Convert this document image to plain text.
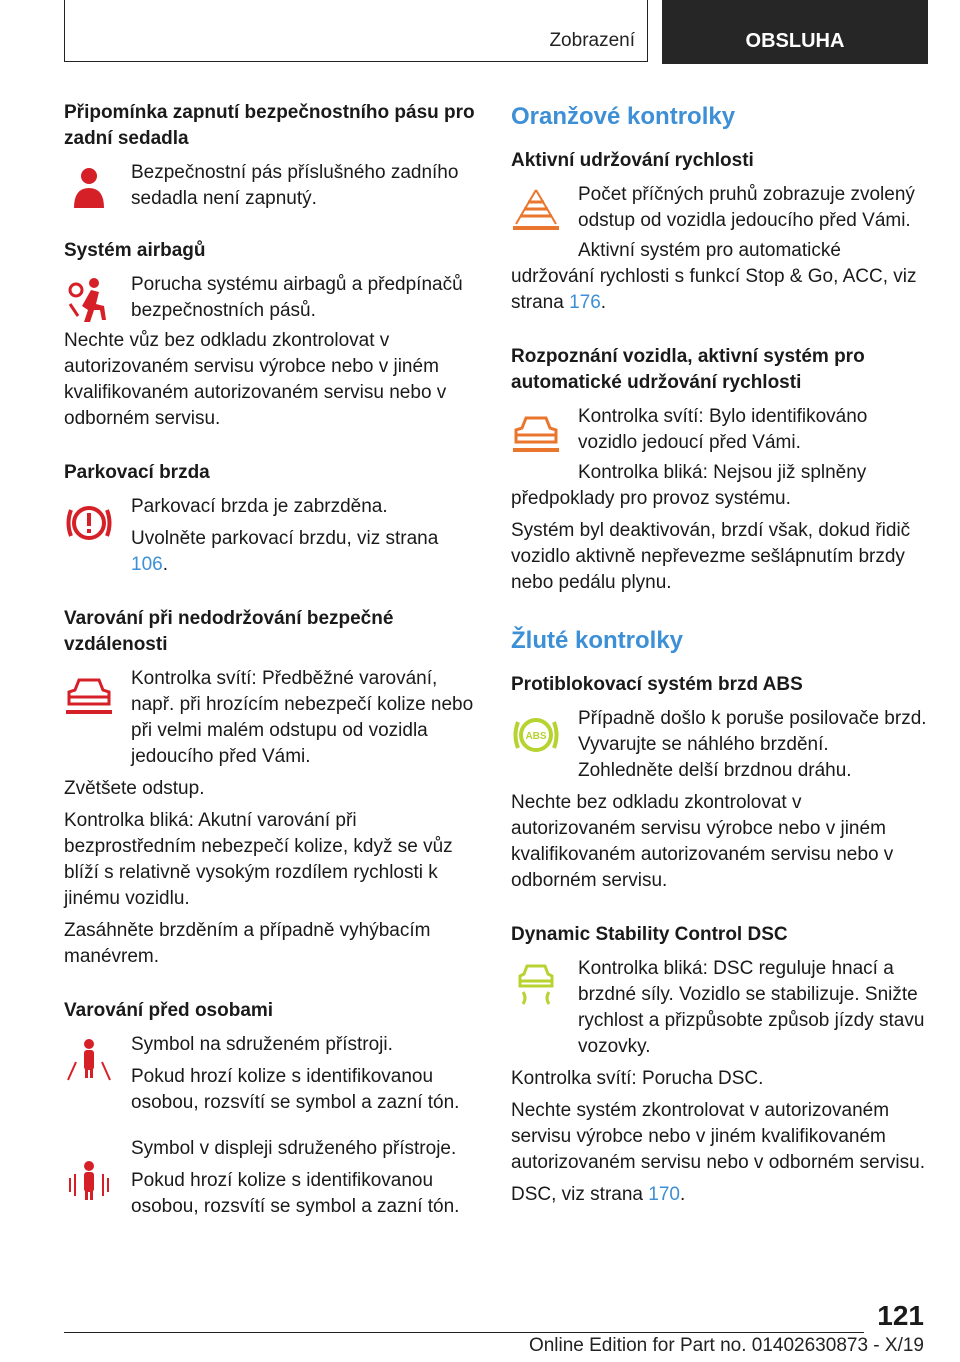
Zobrazení	OBSLUHA
Připomínka zapnutí bezpečnostního pásu pro zadní sedadla

Bezpečnostní pás příslušného zadního sedadla není zapnutý.

Systém airbagů

Porucha systému airbagů a předpínačů bezpečnostních pásů.

Nechte vůz bez odkladu zkontrolovat v autorizovaném servisu výrobce nebo v jiném kvalifikovaném autorizovaném servisu nebo v odborném servisu.

Parkovací brzda

Parkovací brzda je zabrzděna.

Uvolněte parkovací brzdu, viz strana 106.

Varování při nedodržování bezpečné vzdálenosti

Kontrolka svítí: Předběžné varování, např. při hrozícím nebezpečí kolize nebo při velmi malém odstupu od vozidla jedoucího před Vámi.

Zvětšete odstup.

Kontrolka bliká: Akutní varování při bezprostředním nebezpečí kolize, když se vůz blíží s relativně vysokým rozdílem rychlosti k jinému vozidlu.

Zasáhněte brzděním a případně vyhýbacím manévrem.

Varování před osobami

Symbol na sdruženém přístroji.

Pokud hrozí kolize s identifikovanou osobou, rozsvítí se symbol a zazní tón.

Symbol v displeji sdruženého přístroje.

Pokud hrozí kolize s identifikovanou osobou, rozsvítí se symbol a zazní tón.

Oranžové kontrolky
Aktivní udržování rychlosti

Počet příčných pruhů zobrazuje zvolený odstup od vozidla jedoucího před Vámi.

Aktivní systém pro automatické udržování rychlosti s funkcí Stop & Go, ACC, viz strana 176.

Rozpoznání vozidla, aktivní systém pro automatické udržování rychlosti

Kontrolka svítí: Bylo identifikováno vozidlo jedoucí před Vámi.

Kontrolka bliká: Nejsou již splněny předpoklady pro provoz systému.

Systém byl deaktivován, brzdí však, dokud řidič vozidlo aktivně nepřevezme sešlápnutím brzdy nebo pedálu plynu.

Žluté kontrolky
Protiblokovací systém brzd ABS
ABS

Případně došlo k poruše posilovače brzd. Vyvarujte se náhlého brzdění. Zohledněte delší brzdnou dráhu.

Nechte bez odkladu zkontrolovat v autorizovaném servisu výrobce nebo v jiném kvalifikovaném autorizovaném servisu nebo v odborném servisu.

Dynamic Stability Control DSC

Kontrolka bliká: DSC reguluje hnací a brzdné síly. Vozidlo se stabilizuje. Snižte rychlost a přizpůsobte způsob jízdy stavu vozovky.

Kontrolka svítí: Porucha DSC.

Nechte systém zkontrolovat v autorizovaném servisu výrobce nebo v jiném kvalifikovaném autorizovaném servisu nebo v odborném servisu.

DSC, viz strana 170.

121
Online Edition for Part no. 01402630873 - X/19
